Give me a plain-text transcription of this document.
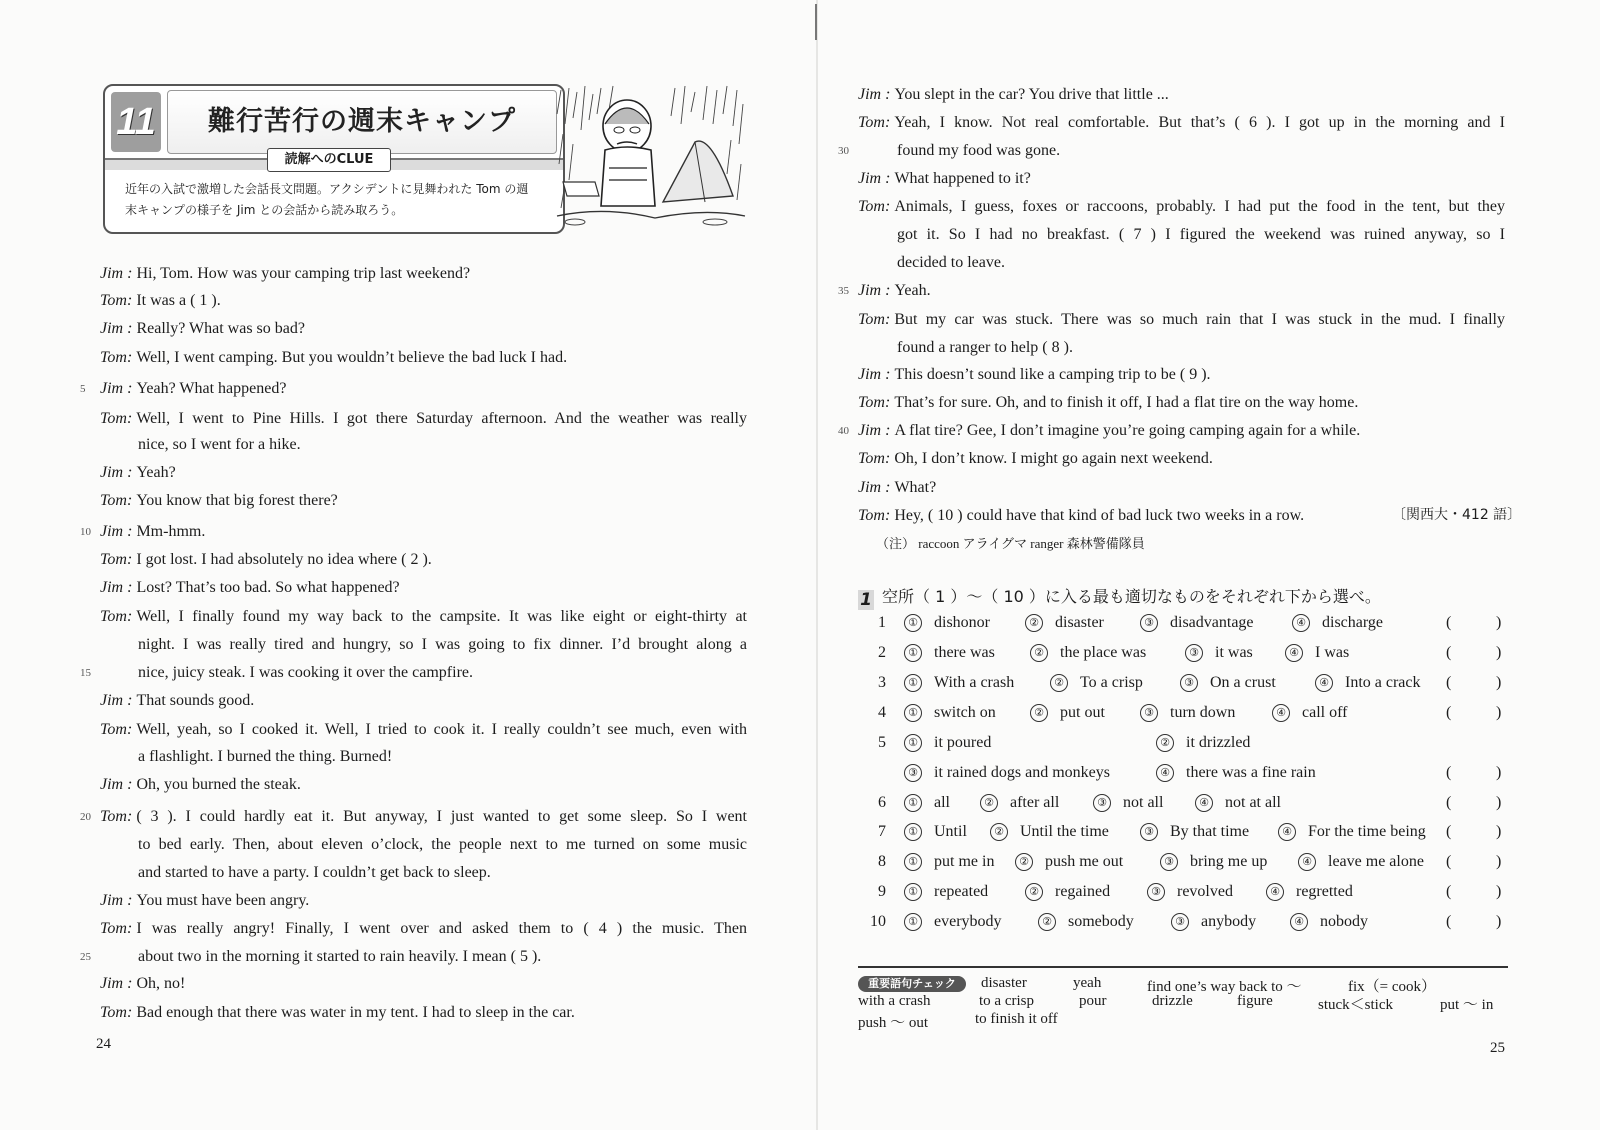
11	難行苦行の週末キャンプ
読解へのCLUE
近年の入試で激増した会話長文問題。アクシデントに見舞われた Tom の週
末キャンプの様子を Jim との会話から読み取ろう。
Jim : Hi, Tom. How was your camping trip last weekend?
Tom: It was a ( 1 ).
Jim : Really? What was so bad?
Tom: Well, I went camping. But you wouldn’t believe the bad luck I had.
Jim : Yeah? What happened?
5
Tom: Well, I went to Pine Hills. I got there Saturday afternoon. And the weather was really
nice, so I went for a hike.
Jim : Yeah?
Tom: You know that big forest there?
Jim : Mm-hmm.
10
Tom: I got lost. I had absolutely no idea where ( 2 ).
Jim : Lost? That’s too bad. So what happened?
Tom: Well, I finally found my way back to the campsite. It was like eight or eight-thirty at
night. I was really tired and hungry, so I was going to fix dinner. I’d brought along a
nice, juicy steak. I was cooking it over the campfire.
15
Jim : That sounds good.
Tom: Well, yeah, so I cooked it. Well, I tried to cook it. I really couldn’t see much, even with
a flashlight. I burned the thing. Burned!
Jim : Oh, you burned the steak.
Tom: ( 3 ). I could hardly eat it. But anyway, I just wanted to get some sleep. So I went
20
to bed early. Then, about eleven o’clock, the people next to me turned on some music
and started to have a party. I couldn’t get back to sleep.
Jim : You must have been angry.
Tom: I was really angry! Finally, I went over and asked them to ( 4 ) the music. Then
about two in the morning it started to rain heavily. I mean ( 5 ).
25
Jim : Oh, no!
Tom: Bad enough that there was water in my tent. I had to sleep in the car.
Jim : You slept in the car? You drive that little ...
Tom: Yeah, I know. Not real comfortable. But that’s ( 6 ). I got up in the morning and I
found my food was gone.
30
Jim : What happened to it?
Tom: Animals, I guess, foxes or raccoons, probably. I had put the food in the tent, but they
got it. So I had no breakfast. ( 7 ) I figured the weekend was ruined anyway, so I
decided to leave.
Jim : Yeah.
35
Tom: But my car was stuck. There was so much rain that I was stuck in the mud. I finally
found a ranger to help ( 8 ).
Jim : This doesn’t sound like a camping trip to be ( 9 ).
Tom: That’s for sure. Oh, and to finish it off, I had a flat tire on the way home.
Jim : A flat tire? Gee, I don’t imagine you’re going camping again for a while.
40
Tom: Oh, I don’t know. I might go again next weekend.
Jim : What?
Tom: Hey, ( 10 ) could have that kind of bad luck two weeks in a row.
24	25
〔関西大・412 語〕
（注） raccoon アライグマ ranger 森林警備隊員
1 空所（ 1 ）〜（ 10 ）に入る最も適切なものをそれぞれ下から選べ。
1	① dishonor	② disaster	③ disadvantage	④ discharge	(	)
2	① there was	② the place was	③ it was	④ I was	(	)
3	① With a crash	② To a crisp	③ On a crust	④ Into a crack (	)
4	① switch on	② put out	③ turn down	④ call off	(	)
5	① it poured	② it drizzled
③ it rained dogs and monkeys	④ there was a fine rain	(	)
6	① all	② after all	③ not all	④ not at all	(	)
7	① Until	② Until the time	③ By that time	④ For the time being (	)
8	① put me in	② push me out	③ bring me up	④ leave me alone (	)
9	① repeated	② regained	③ revolved	④ regretted	(	)
10	① everybody	② somebody	③ anybody	④ nobody	(	)
重要語句チェック	disaster	yeah	find one’s way back to 〜	fix（= cook）
with a crash	to a crisp	pour	drizzle	figure	stuck＜stick	put 〜 in
push 〜 out	to finish it off
